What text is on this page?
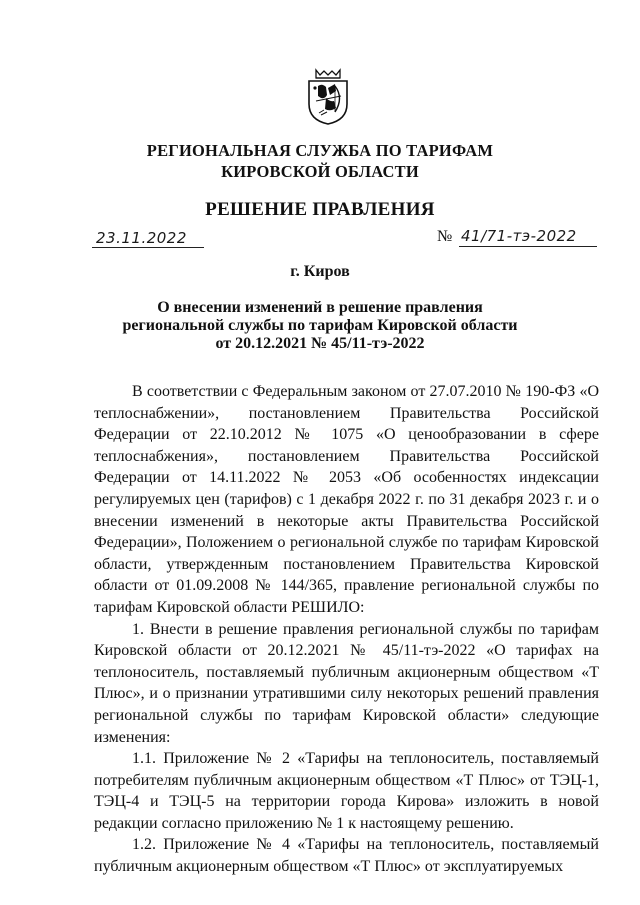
РЕГИОНАЛЬНАЯ СЛУЖБА ПО ТАРИФАМ
КИРОВСКОЙ ОБЛАСТИ
РЕШЕНИЕ ПРАВЛЕНИЯ
23.11.2022	№ 41/71-тэ-2022
г. Киров
О внесении изменений в решение правления
региональной службы по тарифам Кировской области
от 20.12.2021 № 45/11-тэ-2022

В соответствии с Федеральным законом от 27.07.2010 № 190-ФЗ «О теплоснабжении», постановлением Правительства Российской Федерации от 22.10.2012 № 1075 «О ценообразовании в сфере теплоснабжения», постановлением Правительства Российской Федерации от 14.11.2022 № 2053 «Об особенностях индексации регулируемых цен (тарифов) с 1 декабря 2022 г. по 31 декабря 2023 г. и о внесении изменений в некоторые акты Правительства Российской Федерации», Положением о региональной службе по тарифам Кировской области, утвержденным постановлением Правительства Кировской области от 01.09.2008 № 144/365, правление региональной службы по тарифам Кировской области РЕШИЛО:

1. Внести в решение правления региональной службы по тарифам Кировской области от 20.12.2021 № 45/11-тэ-2022 «О тарифах на теплоноситель, поставляемый публичным акционерным обществом «Т Плюс», и о признании утратившими силу некоторых решений правления региональной службы по тарифам Кировской области» следующие изменения:

1.1. Приложение № 2 «Тарифы на теплоноситель, поставляемый потребителям публичным акционерным обществом «Т Плюс» от ТЭЦ-1, ТЭЦ-4 и ТЭЦ-5 на территории города Кирова» изложить в новой редакции согласно приложению № 1 к настоящему решению.

1.2. Приложение № 4 «Тарифы на теплоноситель, поставляемый публичным акционерным обществом «Т Плюс» от эксплуатируемых
